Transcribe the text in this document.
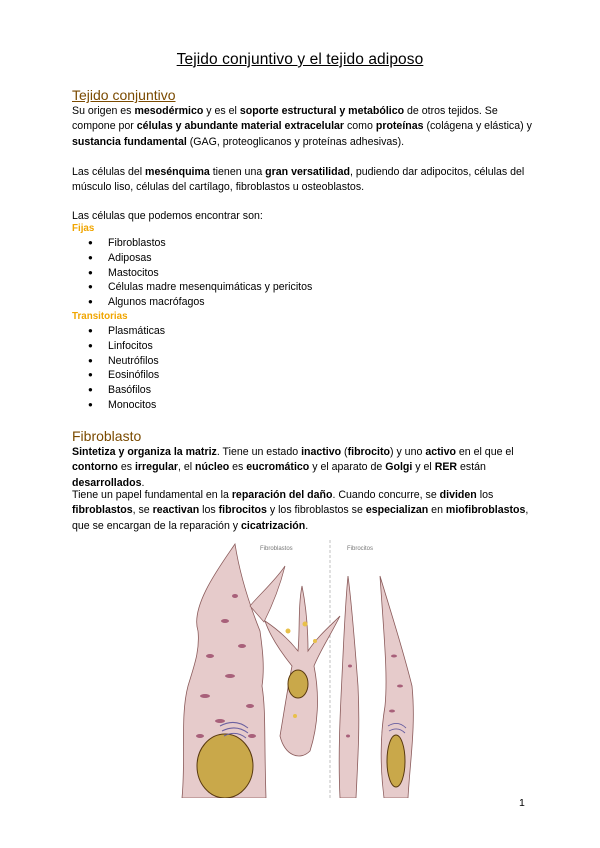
Tejido conjuntivo y el tejido adiposo
Tejido conjuntivo
Su origen es mesodérmico y es el soporte estructural y metabólico de otros tejidos. Se compone por células y abundante material extracelular como proteínas (colágena y elástica) y sustancia fundamental (GAG, proteoglicanos y proteínas adhesivas).
Las células del mesénquima tienen una gran versatilidad, pudiendo dar adipocitos, células del músculo liso, células del cartílago, fibroblastos u osteoblastos.
Las células que podemos encontrar son:
Fijas
● Fibroblastos
● Adiposas
● Mastocitos
● Células madre mesenquimáticas y pericitos
● Algunos macrófagos
Transitorias
● Plasmáticas
● Linfocitos
● Neutrófilos
● Eosinófilos
● Basófilos
● Monocitos
Fibroblasto
Sintetiza y organiza la matriz. Tiene un estado inactivo (fibrocito) y uno activo en el que el contorno es irregular, el núcleo es eucromático y el aparato de Golgi y el RER están desarrollados.
Tiene un papel fundamental en la reparación del daño. Cuando concurre, se dividen los fibroblastos, se reactivan los fibrocitos y los fibroblastos se especializan en miofibroblastos, que se encargan de la reparación y cicatrización.
Fibroblastos	Fibrocitos
1
